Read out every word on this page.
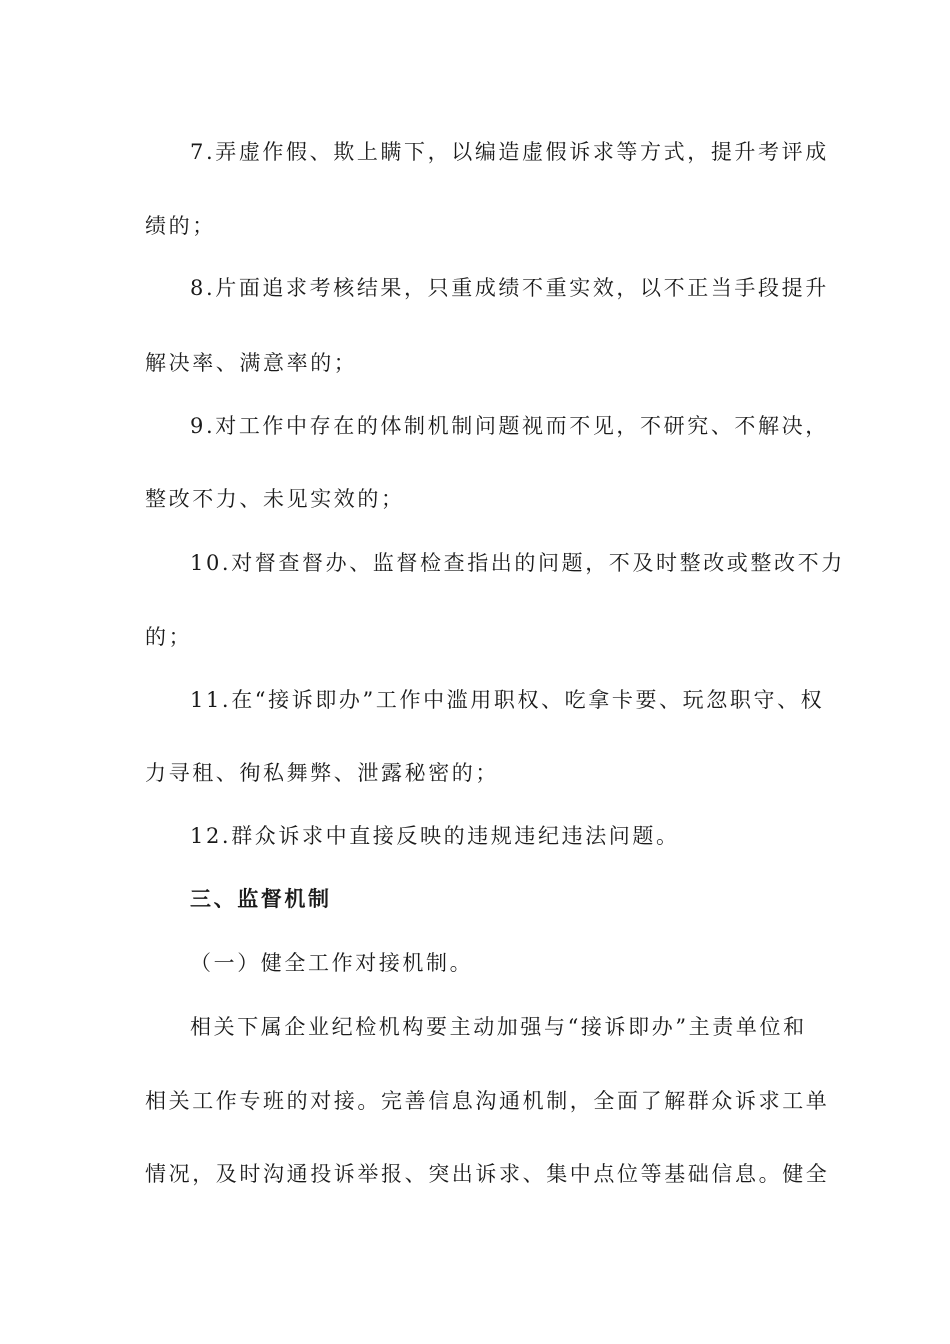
7.弄虚作假、欺上瞒下，以编造虚假诉求等方式，提升考评成
绩的；
8.片面追求考核结果，只重成绩不重实效，以不正当手段提升
解决率、满意率的；
9.对工作中存在的体制机制问题视而不见，不研究、不解决，
整改不力、未见实效的；
10.对督查督办、监督检查指出的问题，不及时整改或整改不力
的；
11.在“接诉即办”工作中滥用职权、吃拿卡要、玩忽职守、权
力寻租、徇私舞弊、泄露秘密的；
12.群众诉求中直接反映的违规违纪违法问题。
三、监督机制
（一）健全工作对接机制。
相关下属企业纪检机构要主动加强与“接诉即办”主责单位和
相关工作专班的对接。完善信息沟通机制，全面了解群众诉求工单
情况，及时沟通投诉举报、突出诉求、集中点位等基础信息。健全
